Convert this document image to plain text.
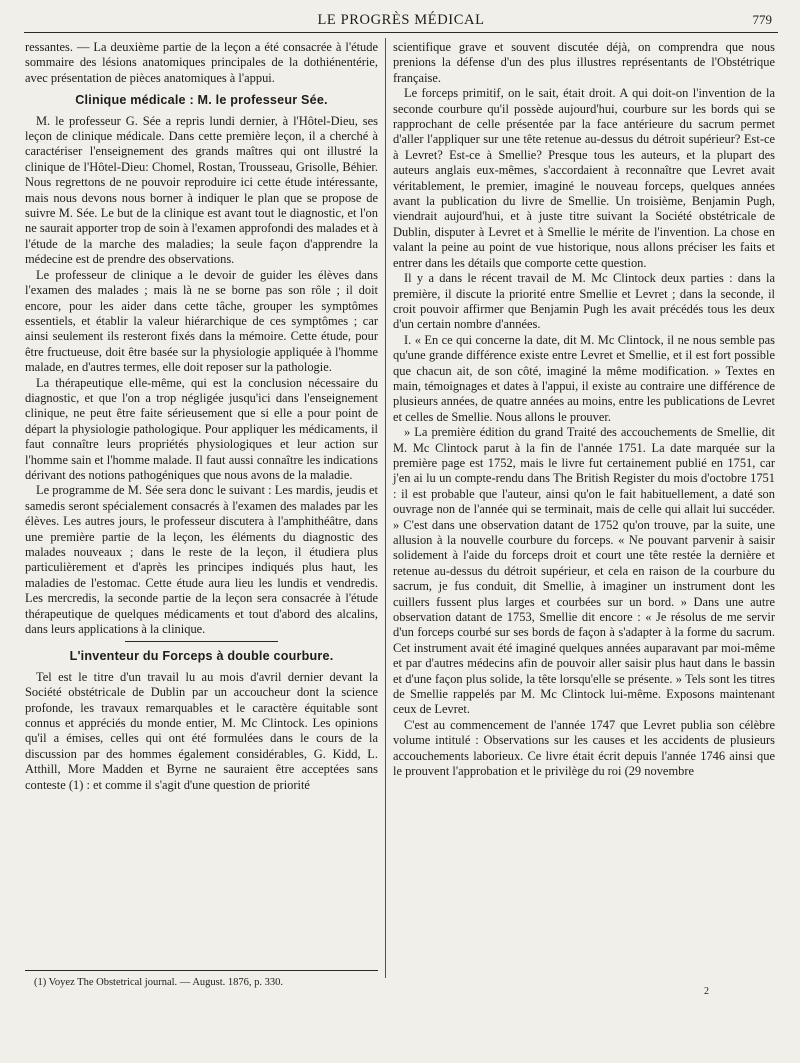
LE PROGRÈS MÉDICAL	779

ressantes. — La deuxième partie de la leçon a été consacrée à l'étude sommaire des lésions anatomiques principales de la dothiénentérie, avec présentation de pièces anatomiques à l'appui.

Clinique médicale : M. le professeur Sée.

M. le professeur G. Sée a repris lundi dernier, à l'Hôtel-Dieu, ses leçon de clinique médicale. Dans cette première leçon, il a cherché à caractériser l'enseignement des grands maîtres qui ont illustré la clinique de l'Hôtel-Dieu: Chomel, Rostan, Trousseau, Grisolle, Béhier. Nous regrettons de ne pouvoir reproduire ici cette étude intéressante, mais nous devons nous borner à indiquer le plan que se propose de suivre M. Sée. Le but de la clinique est avant tout le diagnostic, et l'on ne saurait apporter trop de soin à l'examen approfondi des malades et à l'étude de la marche des maladies; la seule façon d'apprendre la médecine est de prendre des observations.

Le professeur de clinique a le devoir de guider les élèves dans l'examen des malades ; mais là ne se borne pas son rôle ; il doit encore, pour les aider dans cette tâche, grouper les symptômes essentiels, et établir la valeur hiérarchique de ces symptômes ; car ainsi seulement ils resteront fixés dans la mémoire. Cette étude, pour être fructueuse, doit être basée sur la physiologie appliquée à l'homme malade, en d'autres termes, elle doit reposer sur la pathologie.

La thérapeutique elle-même, qui est la conclusion nécessaire du diagnostic, et que l'on a trop négligée jusqu'ici dans l'enseignement clinique, ne peut être faite sérieusement que si elle a pour point de départ la physiologie pathologique. Pour appliquer les médicaments, il faut connaître leurs propriétés physiologiques et leur action sur l'homme sain et l'homme malade. Il faut aussi connaître les indications dérivant des notions pathogéniques que nous avons de la maladie.

Le programme de M. Sée sera donc le suivant : Les mardis, jeudis et samedis seront spécialement consacrés à l'examen des malades par les élèves. Les autres jours, le professeur discutera à l'amphithéâtre, dans une première partie de la leçon, les éléments du diagnostic des malades nouveaux ; dans le reste de la leçon, il étudiera plus particulièrement et d'après les principes indiqués plus haut, les maladies de l'estomac. Cette étude aura lieu les lundis et vendredis. Les mercredis, la seconde partie de la leçon sera consacrée à l'étude thérapeutique de quelques médicaments et tout d'abord des alcalins, dans leurs applications à la clinique.

L'inventeur du Forceps à double courbure.

Tel est le titre d'un travail lu au mois d'avril dernier devant la Société obstétricale de Dublin par un accoucheur dont la science profonde, les travaux remarquables et le caractère équitable sont connus et appréciés du monde entier, M. Mc Clintock. Les opinions qu'il a émises, celles qui ont été formulées dans le cours de la discussion par des hommes également considérables, G. Kidd, L. Atthill, More Madden et Byrne ne sauraient être acceptées sans conteste (1) : et comme il s'agit d'une question de priorité

(1) Voyez The Obstetrical journal. — August. 1876, p. 330.

scientifique grave et souvent discutée déjà, on comprendra que nous prenions la défense d'un des plus illustres représentants de l'Obstétrique française.

Le forceps primitif, on le sait, était droit. A qui doit-on l'invention de la seconde courbure qu'il possède aujourd'hui, courbure sur les bords qui se rapprochant de celle présentée par la face antérieure du sacrum permet d'aller l'appliquer sur une tête retenue au-dessus du détroit supérieur? Est-ce à Levret? Est-ce à Smellie? Presque tous les auteurs, et la plupart des auteurs anglais eux-mêmes, s'accordaient à reconnaître que Levret avait véritablement, le premier, imaginé le nouveau forceps, quelques années avant la publication du livre de Smellie. Un troisième, Benjamin Pugh, viendrait aujourd'hui, et à juste titre suivant la Société obstétricale de Dublin, disputer à Levret et à Smellie le mérite de l'invention. La chose en valant la peine au point de vue historique, nous allons préciser les faits et entrer dans les détails que comporte cette question.

Il y a dans le récent travail de M. Mc Clintock deux parties : dans la première, il discute la priorité entre Smellie et Levret ; dans la seconde, il croit pouvoir affirmer que Benjamin Pugh les avait précédés tous les deux d'un certain nombre d'années.

I. « En ce qui concerne la date, dit M. Mc Clintock, il ne nous semble pas qu'une grande différence existe entre Levret et Smellie, et il est fort possible que chacun ait, de son côté, imaginé la même modification. » Textes en main, témoignages et dates à l'appui, il existe au contraire une différence de plusieurs années, de quatre années au moins, entre les publications de Levret et celles de Smellie. Nous allons le prouver.

» La première édition du grand Traité des accouchements de Smellie, dit M. Mc Clintock parut à la fin de l'année 1751. La date marquée sur la première page est 1752, mais le livre fut certainement publié en 1751, car j'en ai lu un compte-rendu dans The British Register du mois d'octobre 1751 : il est probable que l'auteur, ainsi qu'on le fait habituellement, a daté son ouvrage non de l'année qui se terminait, mais de celle qui allait lui succéder. » C'est dans une observation datant de 1752 qu'on trouve, par la suite, une allusion à la nouvelle courbure du forceps. « Ne pouvant parvenir à saisir solidement à l'aide du forceps droit et court une tête restée la dernière et retenue au-dessus du détroit supérieur, et cela en raison de la courbure du sacrum, je fus conduit, dit Smellie, à imaginer un instrument dont les cuillers fussent plus larges et courbées sur un bord. » Dans une autre observation datant de 1753, Smellie dit encore : « Je résolus de me servir d'un forceps courbé sur ses bords de façon à s'adapter à la forme du sacrum. Cet instrument avait été imaginé quelques années auparavant par moi-même et par d'autres médecins afin de pouvoir aller saisir plus haut dans le bassin et d'une façon plus solide, la tête lorsqu'elle se présente. » Tels sont les titres de Smellie rappelés par M. Mc Clintock lui-même. Exposons maintenant ceux de Levret.

C'est au commencement de l'année 1747 que Levret publia son célèbre volume intitulé : Observations sur les causes et les accidents de plusieurs accouchements laborieux. Ce livre était écrit depuis l'année 1746 ainsi que le prouvent l'approbation et le privilège du roi (29 novembre

2
